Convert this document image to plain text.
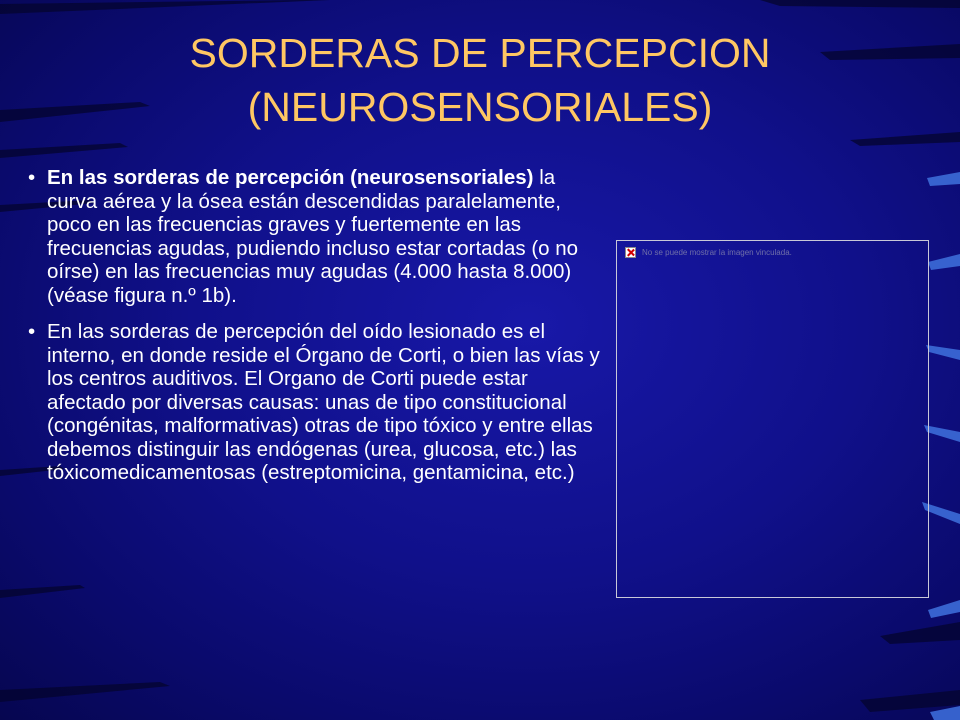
SORDERAS DE PERCEPCION
(NEUROSENSORIALES)
• En las sorderas de percepción (neurosensoriales) la curva aérea y la ósea están descendidas paralelamente, poco en las frecuencias graves y fuertemente en las frecuencias agudas, pudiendo incluso estar cortadas (o no oírse) en las frecuencias muy agudas (4.000 hasta 8.000) (véase figura n.º 1b).
• En las sorderas de percepción del oído lesionado es el interno, en donde reside el Órgano de Corti, o bien las vías y los centros auditivos. El Organo de Corti puede estar afectado por diversas causas: unas de tipo constitucional (congénitas, malformativas) otras de tipo tóxico y entre ellas debemos distinguir las endógenas (urea, glucosa, etc.) las tóxicomedicamentosas (estreptomicina, gentamicina, etc.)
No se puede mostrar la imagen vinculada.
